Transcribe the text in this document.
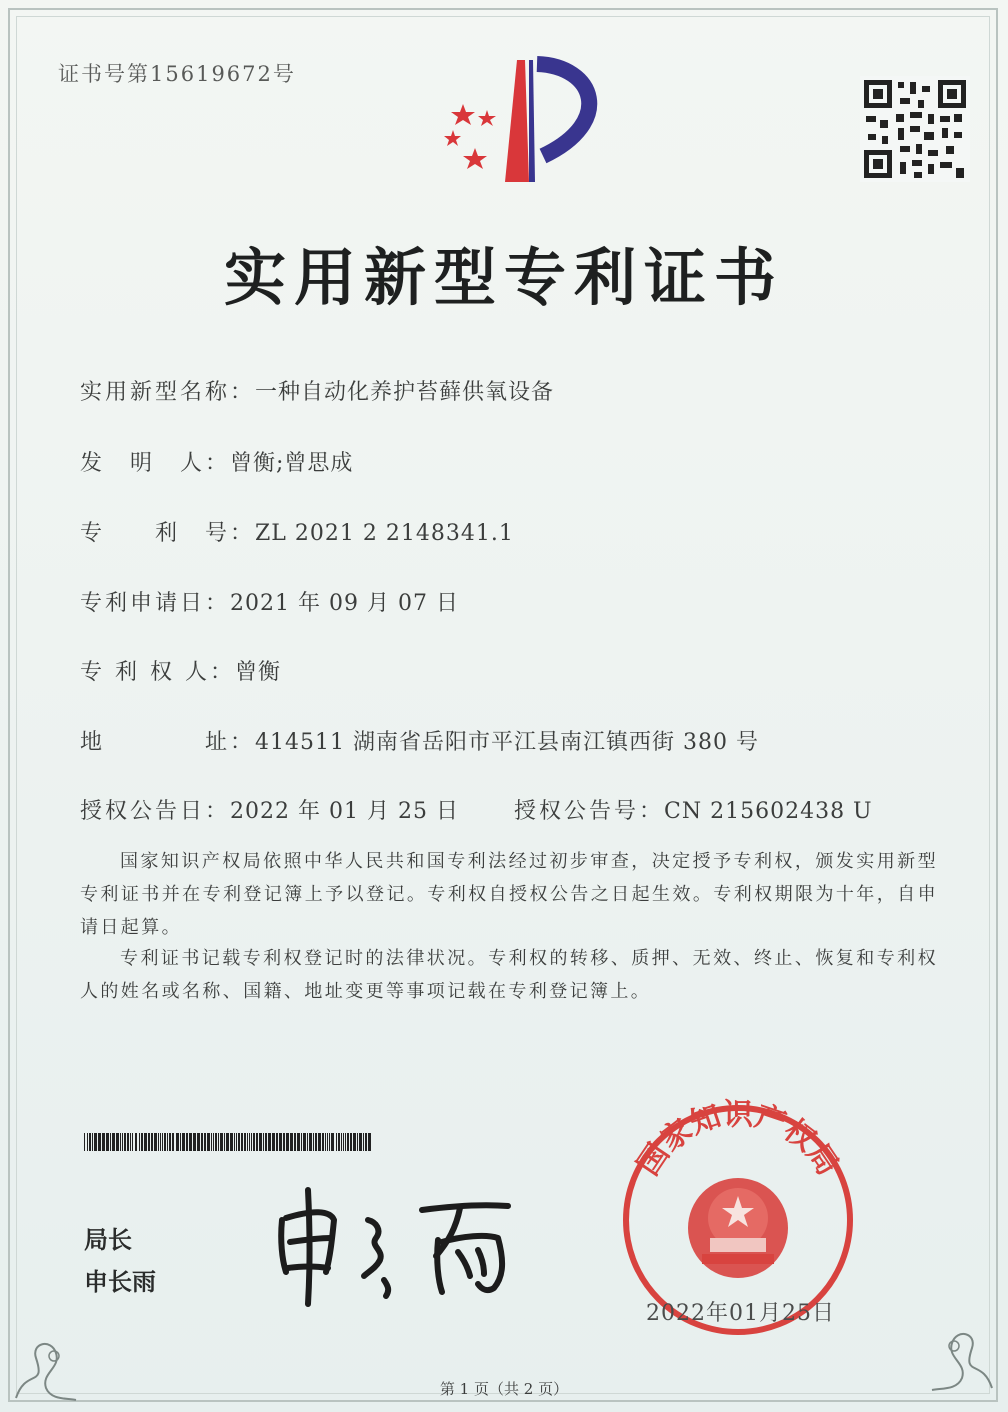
证书号第15619672号
实用新型专利证书
实用新型名称：一种自动化养护苔藓供氧设备
发　明　人：曾衡;曾思成
专　　利　号：ZL 2021 2 2148341.1
专利申请日：2021 年 09 月 07 日
专 利 权 人：曾衡
地　　　　址：414511 湖南省岳阳市平江县南江镇西街 380 号
授权公告日：2022 年 01 月 25 日	授权公告号：CN 215602438 U
国家知识产权局依照中华人民共和国专利法经过初步审查，决定授予专利权，颁发实用新型专利证书并在专利登记簿上予以登记。专利权自授权公告之日起生效。专利权期限为十年，自申请日起算。
专利证书记载专利权登记时的法律状况。专利权的转移、质押、无效、终止、恢复和专利权人的姓名或名称、国籍、地址变更等事项记载在专利登记簿上。
局长
申长雨
国家知识产权局
2022年01月25日
第 1 页（共 2 页）
